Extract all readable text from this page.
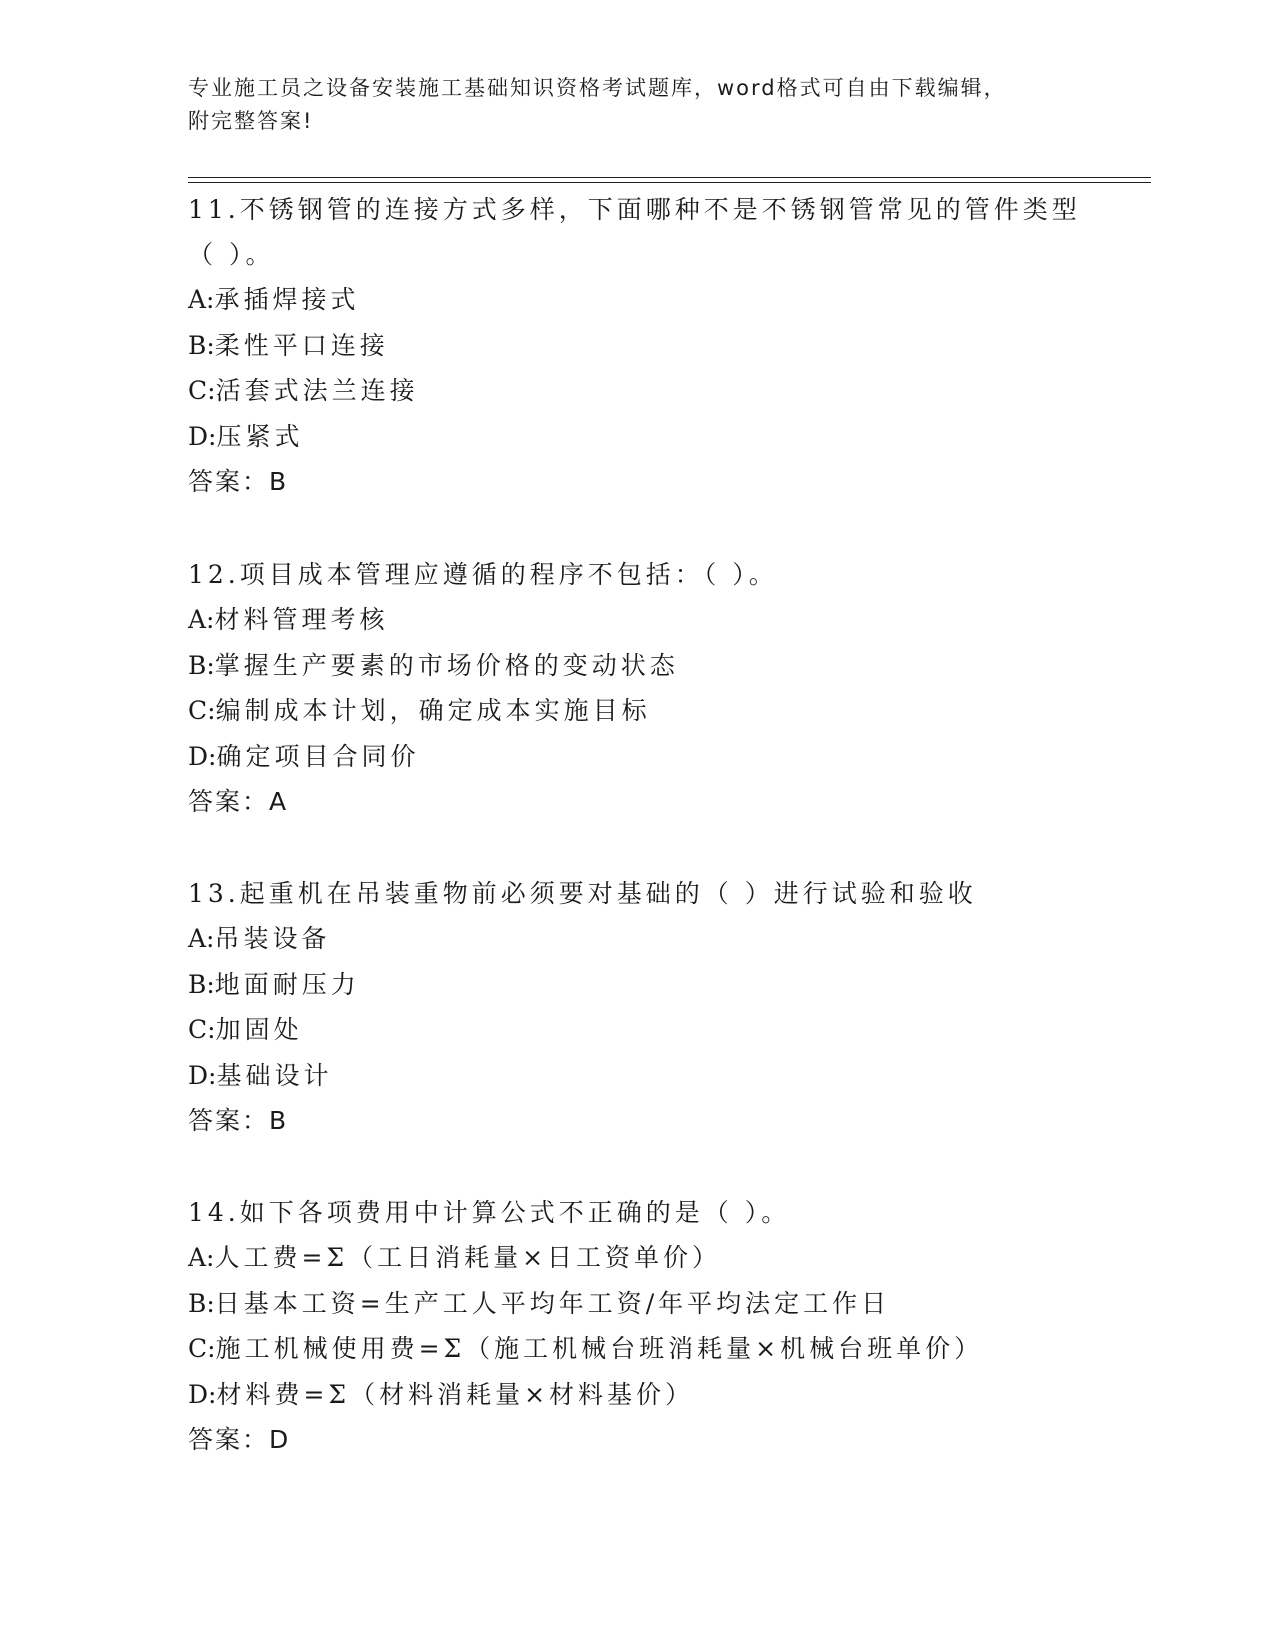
专业施工员之设备安装施工基础知识资格考试题库，word格式可自由下载编辑，
附完整答案!

11.不锈钢管的连接方式多样，下面哪种不是不锈钢管常见的管件类型（ ）。

A:承插焊接式
B:柔性平口连接
C:活套式法兰连接
D:压紧式
答案：B

12.项目成本管理应遵循的程序不包括：（ ）。

A:材料管理考核
B:掌握生产要素的市场价格的变动状态
C:编制成本计划，确定成本实施目标
D:确定项目合同价
答案：A

13.起重机在吊装重物前必须要对基础的（ ）进行试验和验收

A:吊装设备
B:地面耐压力
C:加固处
D:基础设计
答案：B

14.如下各项费用中计算公式不正确的是（ ）。

A:人工费=Σ（工日消耗量×日工资单价）
B:日基本工资=生产工人平均年工资/年平均法定工作日
C:施工机械使用费=Σ（施工机械台班消耗量×机械台班单价）
D:材料费=Σ（材料消耗量×材料基价）
答案：D
